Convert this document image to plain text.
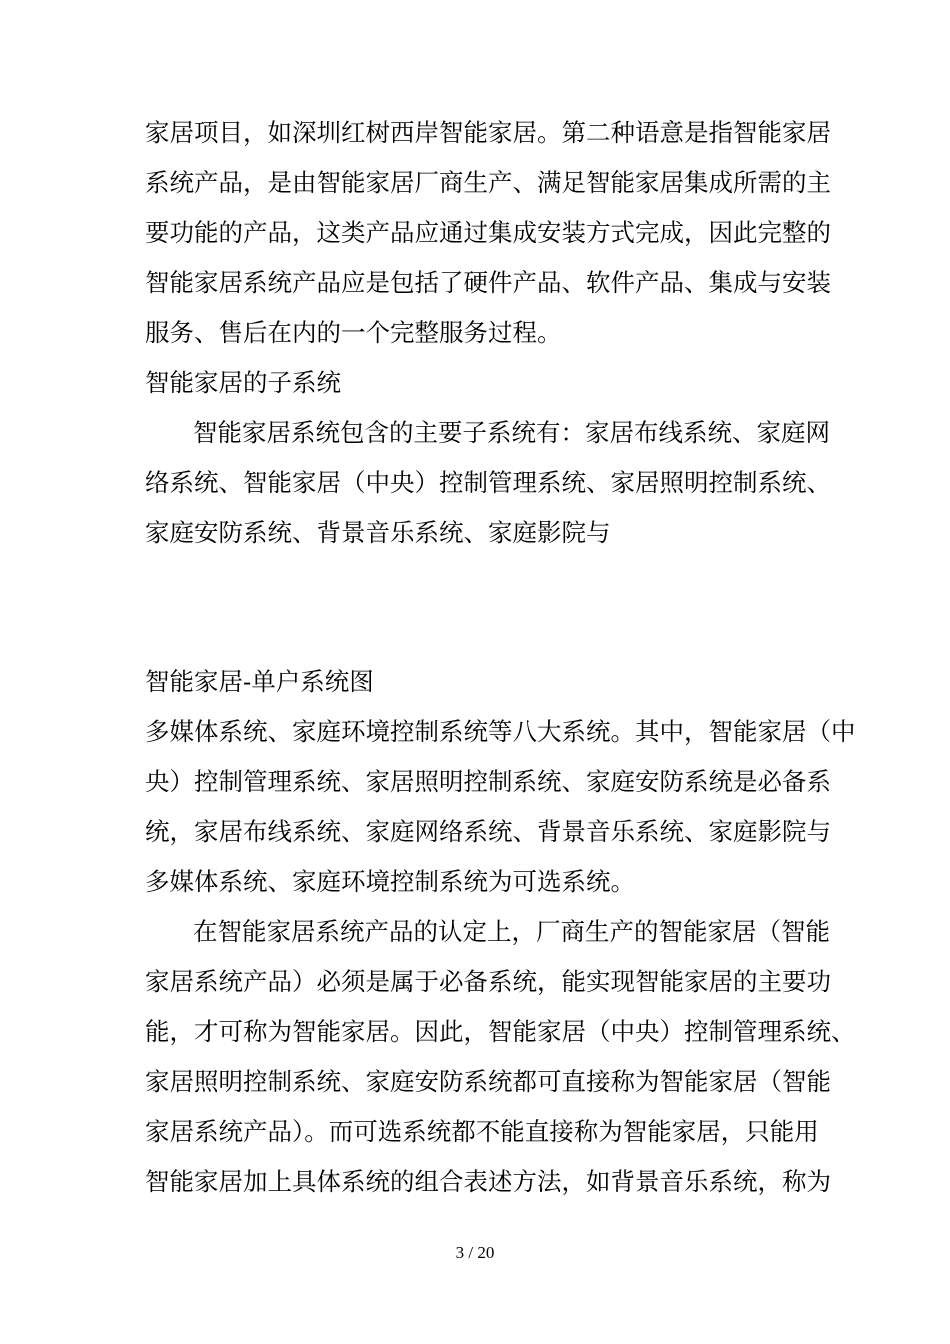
家居项目，如深圳红树西岸智能家居。第二种语意是指智能家居
系统产品，是由智能家居厂商生产、满足智能家居集成所需的主
要功能的产品，这类产品应通过集成安装方式完成，因此完整的
智能家居系统产品应是包括了硬件产品、软件产品、集成与安装
服务、售后在内的一个完整服务过程。
智能家居的子系统
智能家居系统包含的主要子系统有：家居布线系统、家庭网
络系统、智能家居（中央）控制管理系统、家居照明控制系统、
家庭安防系统、背景音乐系统、家庭影院与
智能家居-单户系统图
多媒体系统、家庭环境控制系统等八大系统。其中，智能家居（中
央）控制管理系统、家居照明控制系统、家庭安防系统是必备系
统，家居布线系统、家庭网络系统、背景音乐系统、家庭影院与
多媒体系统、家庭环境控制系统为可选系统。
在智能家居系统产品的认定上，厂商生产的智能家居（智能
家居系统产品）必须是属于必备系统，能实现智能家居的主要功
能，才可称为智能家居。因此，智能家居（中央）控制管理系统、
家居照明控制系统、家庭安防系统都可直接称为智能家居（智能
家居系统产品）。而可选系统都不能直接称为智能家居，只能用
智能家居加上具体系统的组合表述方法，如背景音乐系统，称为
3 / 20
